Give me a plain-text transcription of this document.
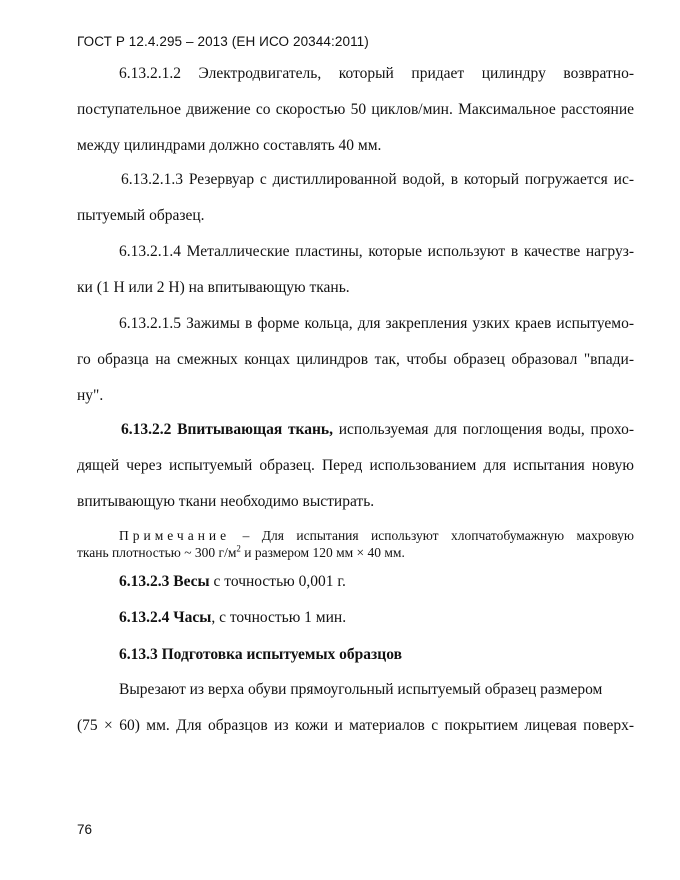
ГОСТ Р 12.4.295 – 2013 (ЕН ИСО 20344:2011)
6.13.2.1.2 Электродвигатель, который придает цилиндру возвратно-
поступательное движение со скоростью 50 циклов/мин. Максимальное расстояние
между цилиндрами должно составлять 40 мм.
6.13.2.1.3 Резервуар с дистиллированной водой, в который погружается ис-
пытуемый образец.
6.13.2.1.4 Металлические пластины, которые используют в качестве нагруз-
ки (1 Н или 2 Н) на впитывающую ткань.
6.13.2.1.5 Зажимы в форме кольца, для закрепления узких краев испытуемо-
го образца на смежных концах цилиндров так, чтобы образец образовал "впади-
ну".
6.13.2.2 Впитывающая ткань, используемая для поглощения воды, прохо-
дящей через испытуемый образец. Перед использованием для испытания новую
впитывающую ткани необходимо выстирать.
Примечание – Для испытания используют хлопчатобумажную махровую
ткань плотностью ~ 300 $г/м^2$ и размером 120 мм × 40 мм.
6.13.2.3 Весы с точностью 0,001 г.
6.13.2.4 Часы, с точностью 1 мин.
6.13.3 Подготовка испытуемых образцов
Вырезают из верха обуви прямоугольный испытуемый образец размером
(75 × 60) мм. Для образцов из кожи и материалов с покрытием лицевая поверх-
76
